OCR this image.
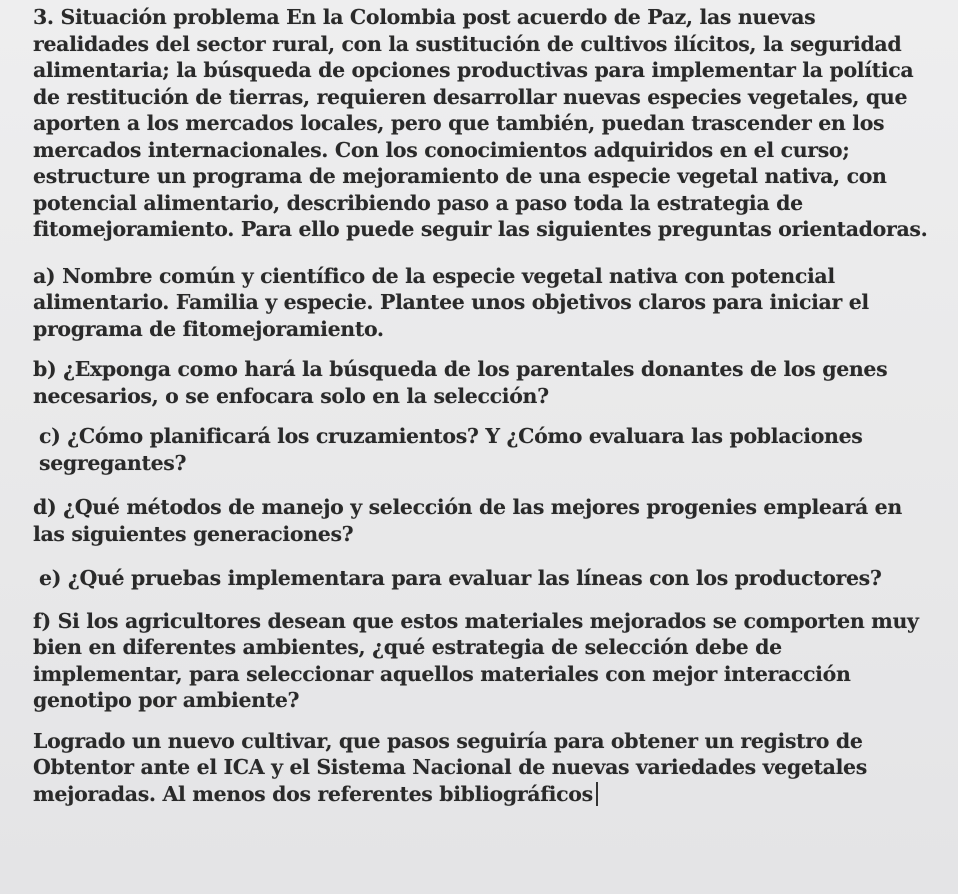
3. Situación problema En la Colombia post acuerdo de Paz, las nuevas realidades del sector rural, con la sustitución de cultivos ilícitos, la seguridad alimentaria; la búsqueda de opciones productivas para implementar la política de restitución de tierras, requieren desarrollar nuevas especies vegetales, que aporten a los mercados locales, pero que también, puedan trascender en los mercados internacionales. Con los conocimientos adquiridos en el curso; estructure un programa de mejoramiento de una especie vegetal nativa, con potencial alimentario, describiendo paso a paso toda la estrategia de fitomejoramiento. Para ello puede seguir las siguientes preguntas orientadoras.

a) Nombre común y científico de la especie vegetal nativa con potencial alimentario. Familia y especie. Plantee unos objetivos claros para iniciar el programa de fitomejoramiento.

b) ¿Exponga como hará la búsqueda de los parentales donantes de los genes necesarios, o se enfocara solo en la selección?

c) ¿Cómo planificará los cruzamientos? Y ¿Cómo evaluara las poblaciones segregantes?

d) ¿Qué métodos de manejo y selección de las mejores progenies empleará en las siguientes generaciones?

e) ¿Qué pruebas implementara para evaluar las líneas con los productores?

f) Si los agricultores desean que estos materiales mejorados se comporten muy bien en diferentes ambientes, ¿qué estrategia de selección debe de implementar, para seleccionar aquellos materiales con mejor interacción genotipo por ambiente?

Logrado un nuevo cultivar, que pasos seguiría para obtener un registro de Obtentor ante el ICA y el Sistema Nacional de nuevas variedades vegetales mejoradas. Al menos dos referentes bibliográficos
